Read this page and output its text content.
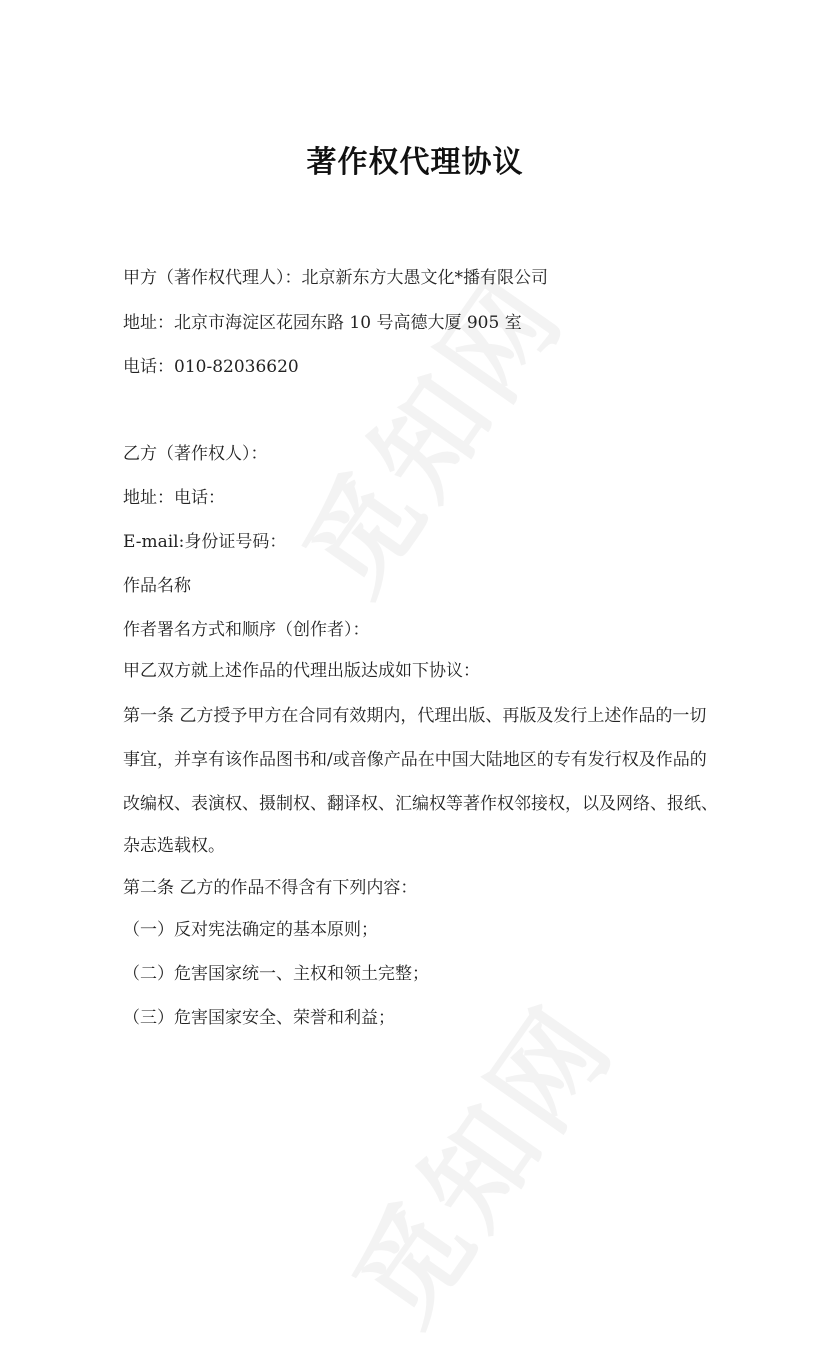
著作权代理协议
甲方（著作权代理人）：北京新东方大愚文化*播有限公司
地址：北京市海淀区花园东路 10 号高德大厦 905 室
电话：010-82036620
乙方（著作权人）：
地址：电话：
E-mail:身份证号码：
作品名称
作者署名方式和顺序（创作者）：
甲乙双方就上述作品的代理出版达成如下协议：
第一条 乙方授予甲方在合同有效期内，代理出版、再版及发行上述作品的一切
事宜，并享有该作品图书和/或音像产品在中国大陆地区的专有发行权及作品的
改编权、表演权、摄制权、翻译权、汇编权等著作权邻接权，以及网络、报纸、
杂志选载权。
第二条 乙方的作品不得含有下列内容：
（一）反对宪法确定的基本原则；
（二）危害国家统一、主权和领土完整；
（三）危害国家安全、荣誉和利益；
